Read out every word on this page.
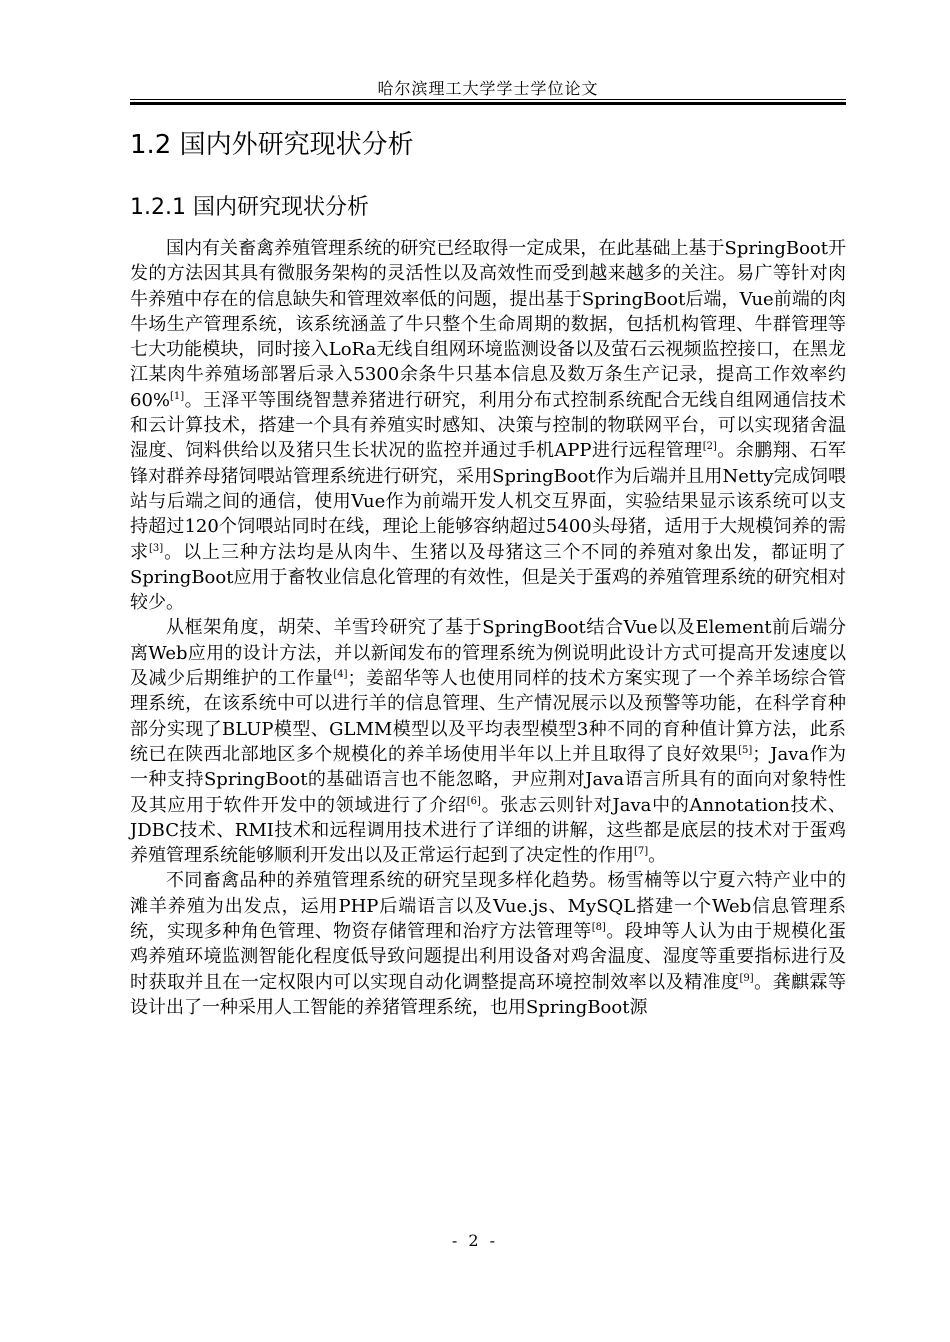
哈尔滨理工大学学士学位论文
1.2 国内外研究现状分析
1.2.1 国内研究现状分析

国内有关畜禽养殖管理系统的研究已经取得一定成果，在此基础上基于SpringBoot开发的方法因其具有微服务架构的灵活性以及高效性而受到越来越多的关注。易广等针对肉牛养殖中存在的信息缺失和管理效率低的问题，提出基于SpringBoot后端，Vue前端的肉牛场生产管理系统，该系统涵盖了牛只整个生命周期的数据，包括机构管理、牛群管理等七大功能模块，同时接入LoRa无线自组网环境监测设备以及萤石云视频监控接口，在黑龙江某肉牛养殖场部署后录入5300余条牛只基本信息及数万条生产记录，提高工作效率约60%[1]。王泽平等围绕智慧养猪进行研究，利用分布式控制系统配合无线自组网通信技术和云计算技术，搭建一个具有养殖实时感知、决策与控制的物联网平台，可以实现猪舍温湿度、饲料供给以及猪只生长状况的监控并通过手机APP进行远程管理[2]。余鹏翔、石军锋对群养母猪饲喂站管理系统进行研究，采用SpringBoot作为后端并且用Netty完成饲喂站与后端之间的通信，使用Vue作为前端开发人机交互界面，实验结果显示该系统可以支持超过120个饲喂站同时在线，理论上能够容纳超过5400头母猪，适用于大规模饲养的需求[3]。以上三种方法均是从肉牛、生猪以及母猪这三个不同的养殖对象出发，都证明了SpringBoot应用于畜牧业信息化管理的有效性，但是关于蛋鸡的养殖管理系统的研究相对较少。

从框架角度，胡荣、羊雪玲研究了基于SpringBoot结合Vue以及Element前后端分离Web应用的设计方法，并以新闻发布的管理系统为例说明此设计方式可提高开发速度以及减少后期维护的工作量[4]；姜韶华等人也使用同样的技术方案实现了一个养羊场综合管理系统，在该系统中可以进行羊的信息管理、生产情况展示以及预警等功能，在科学育种部分实现了BLUP模型、GLMM模型以及平均表型模型3种不同的育种值计算方法，此系统已在陕西北部地区多个规模化的养羊场使用半年以上并且取得了良好效果[5]；Java作为一种支持SpringBoot的基础语言也不能忽略，尹应荆对Java语言所具有的面向对象特性及其应用于软件开发中的领域进行了介绍[6]。张志云则针对Java中的Annotation技术、JDBC技术、RMI技术和远程调用技术进行了详细的讲解，这些都是底层的技术对于蛋鸡养殖管理系统能够顺利开发出以及正常运行起到了决定性的作用[7]。

不同畜禽品种的养殖管理系统的研究呈现多样化趋势。杨雪楠等以宁夏六特产业中的滩羊养殖为出发点，运用PHP后端语言以及Vue.js、MySQL搭建一个Web信息管理系统，实现多种角色管理、物资存储管理和治疗方法管理等[8]。段坤等人认为由于规模化蛋鸡养殖环境监测智能化程度低导致问题提出利用设备对鸡舍温度、湿度等重要指标进行及时获取并且在一定权限内可以实现自动化调整提高环境控制效率以及精准度[9]。龚麒霖等设计出了一种采用人工智能的养猪管理系统，也用SpringBoot源

- 2 -
